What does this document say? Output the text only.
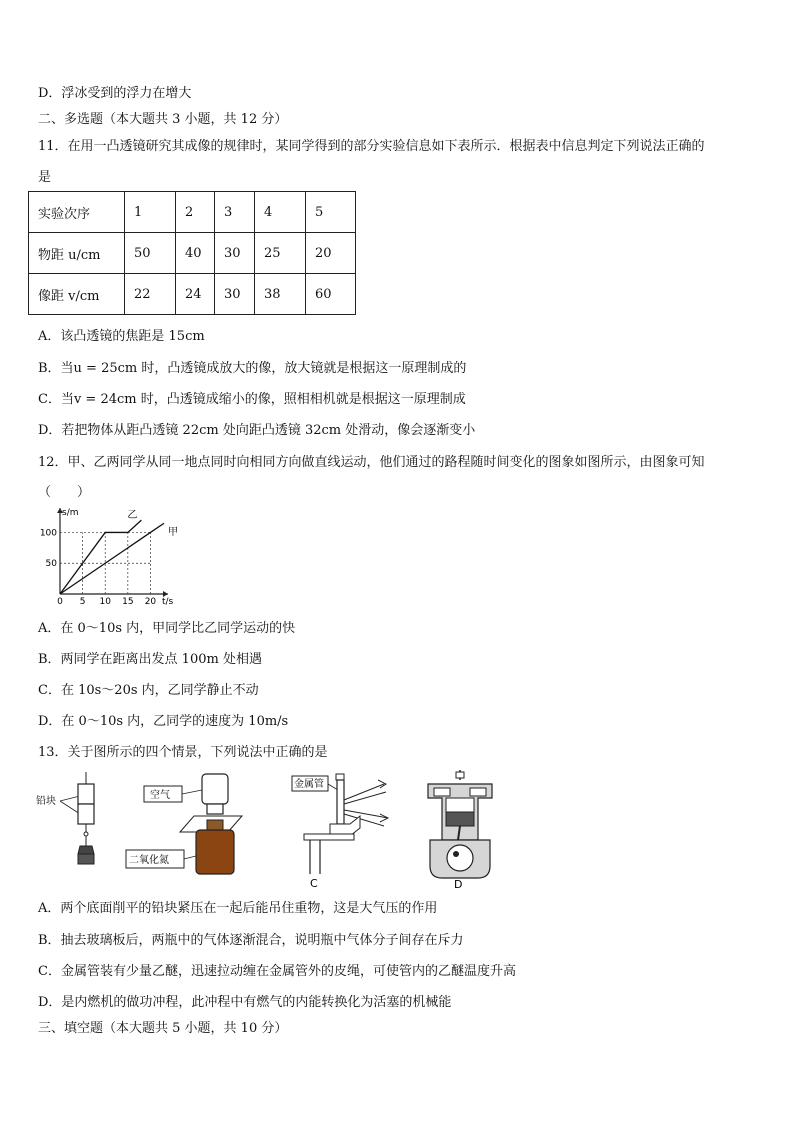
D．浮冰受到的浮力在增大
二、多选题（本大题共 3 小题，共 12 分）
11．在用一凸透镜研究其成像的规律时，某同学得到的部分实验信息如下表所示．根据表中信息判定下列说法正确的
是
实验次序	1	2	3	4	5
物距 u/cm	50	40	30	25	20
像距 v/cm	22	24	30	38	60
A．该凸透镜的焦距是 15cm
B．当u = 25cm 时，凸透镜成放大的像，放大镜就是根据这一原理制成的
C．当v = 24cm 时，凸透镜成缩小的像，照相相机就是根据这一原理制成
D．若把物体从距凸透镜 22cm 处向距凸透镜 32cm 处滑动，像会逐渐变小
12．甲、乙两同学从同一地点同时向相同方向做直线运动，他们通过的路程随时间变化的图象如图所示，由图象可知
（　　）
0 5 10 15 20
50
100
s/m
t/s
甲
乙
A．在 0～10s 内，甲同学比乙同学运动的快
B．两同学在距离出发点 100m 处相遇
C．在 10s～20s 内，乙同学静止不动
D．在 0～10s 内，乙同学的速度为 10m/s
13．关于图所示的四个情景，下列说法中正确的是
铅块
空气
二氧化氮
金属管
C	D
A．两个底面削平的铅块紧压在一起后能吊住重物，这是大气压的作用
B．抽去玻璃板后，两瓶中的气体逐渐混合，说明瓶中气体分子间存在斥力
C．金属管装有少量乙醚，迅速拉动缠在金属管外的皮绳，可使管内的乙醚温度升高
D．是内燃机的做功冲程，此冲程中有燃气的内能转换化为活塞的机械能
三、填空题（本大题共 5 小题，共 10 分）
